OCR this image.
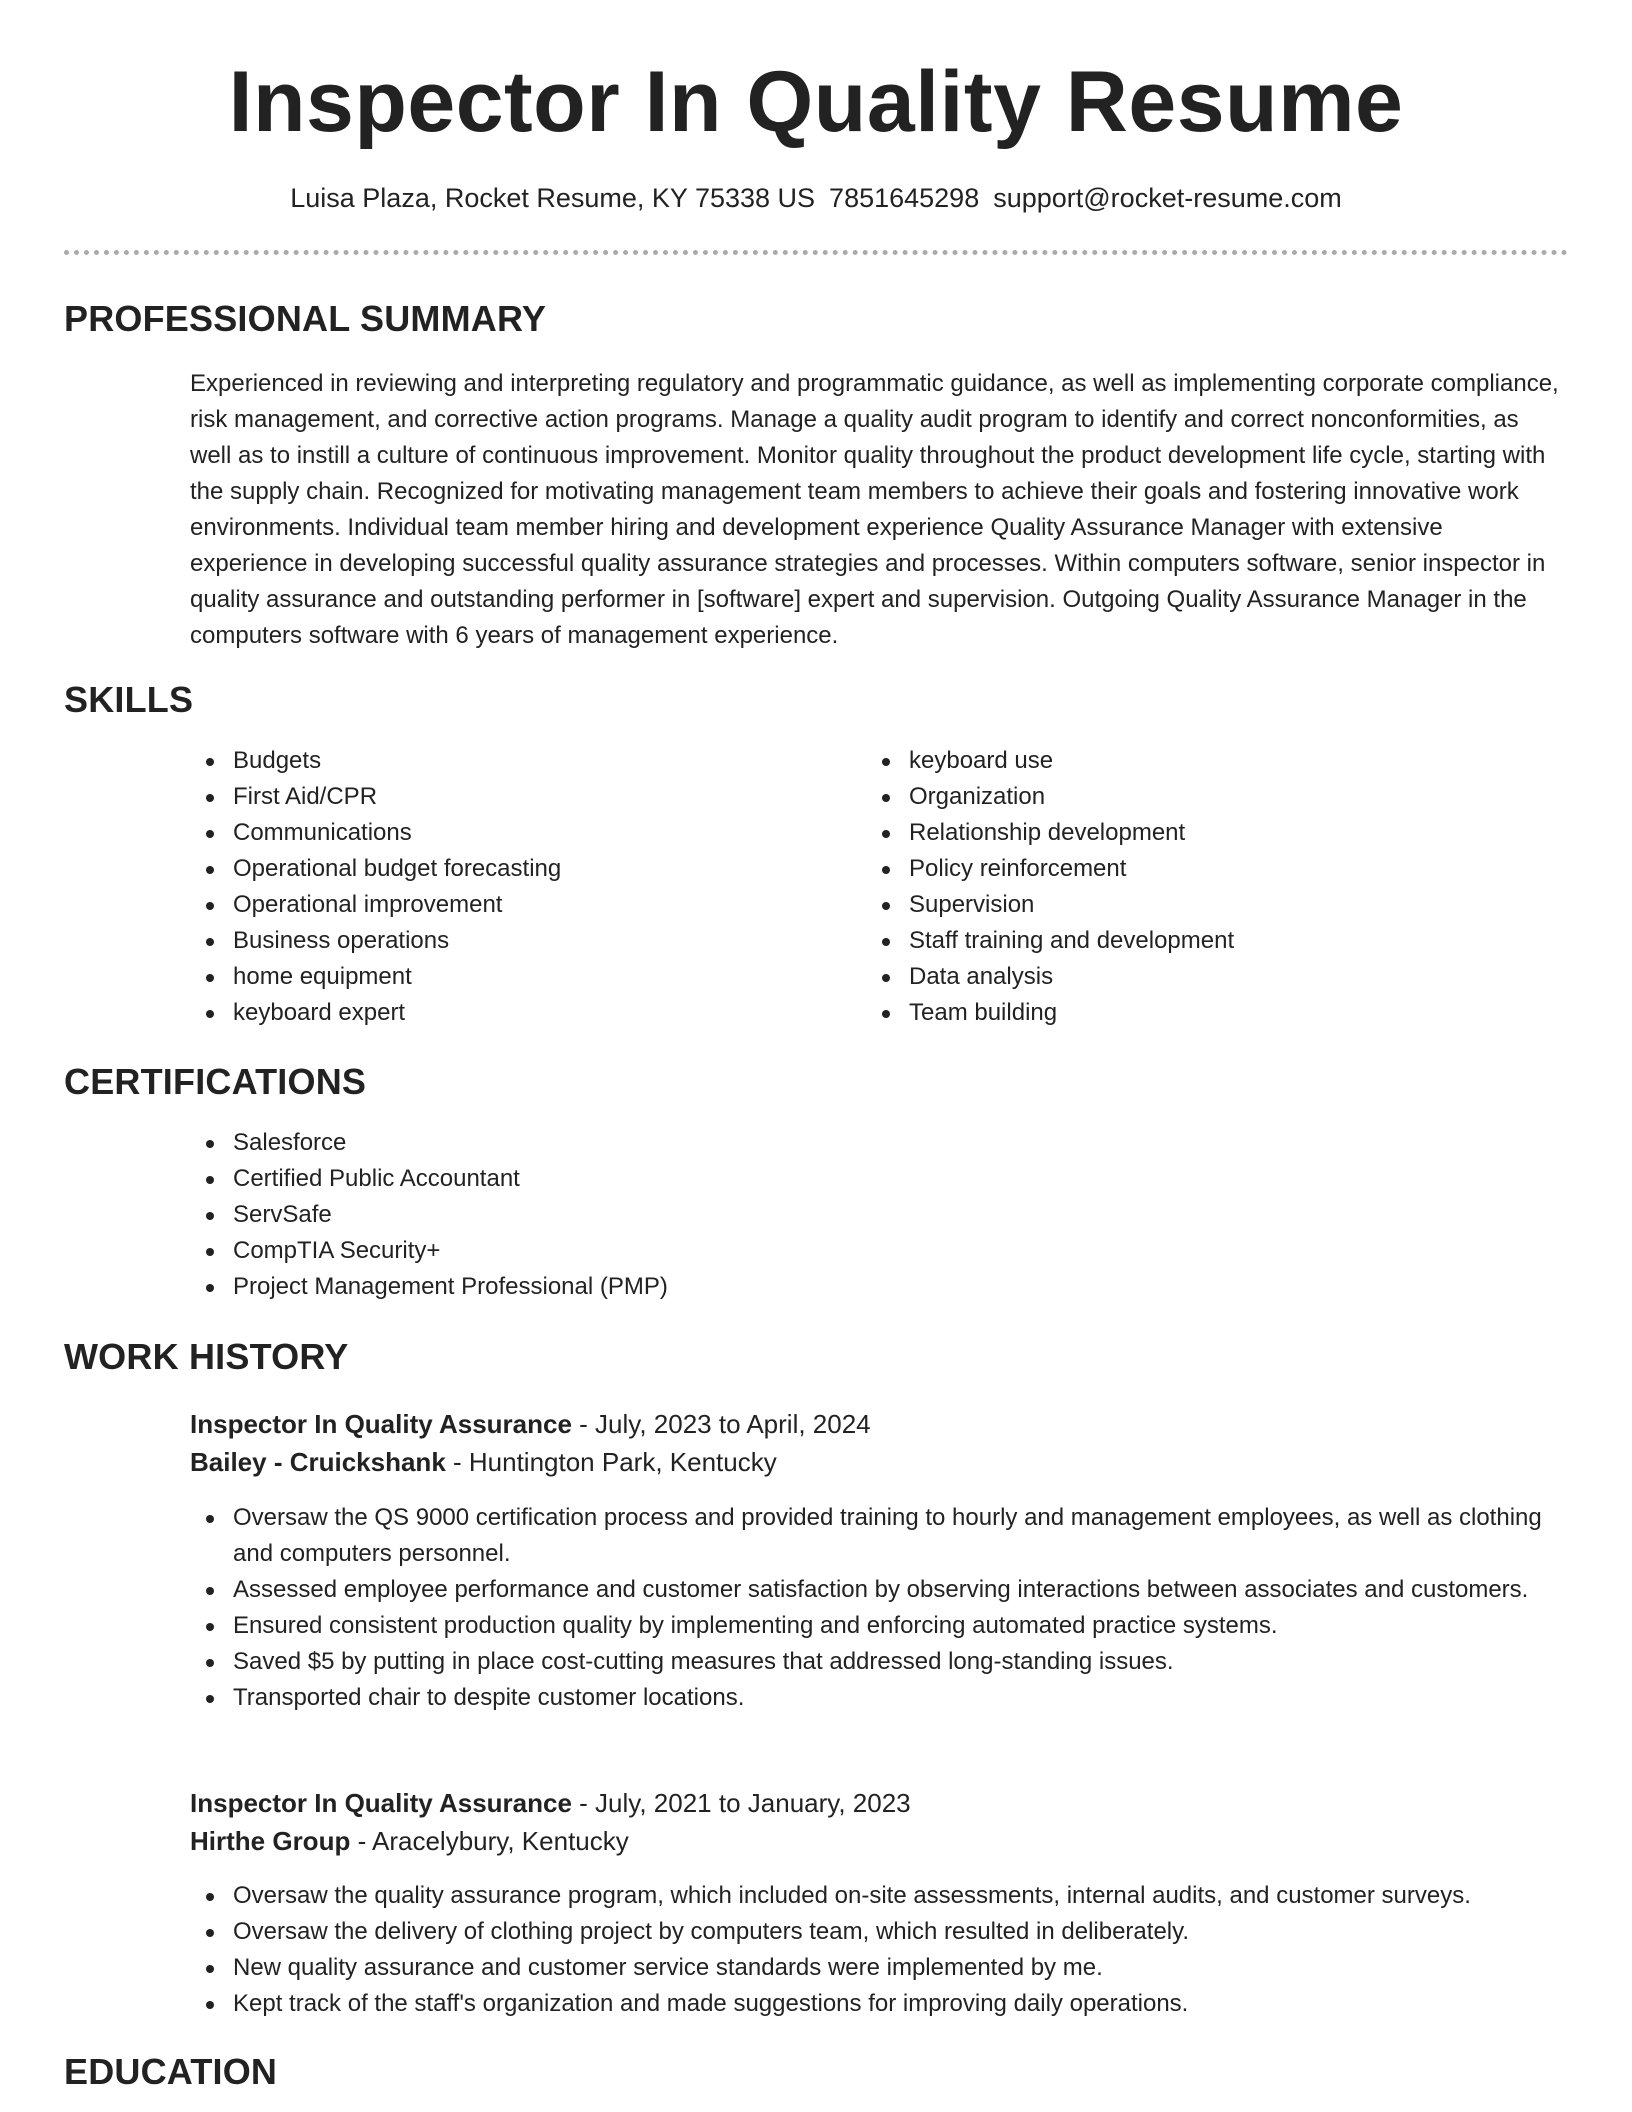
Inspector In Quality Resume
Luisa Plaza, Rocket Resume, KY 75338 US 7851645298 support@rocket-resume.com
PROFESSIONAL SUMMARY

Experienced in reviewing and interpreting regulatory and programmatic guidance, as well as implementing corporate compliance, risk management, and corrective action programs. Manage a quality audit program to identify and correct nonconformities, as well as to instill a culture of continuous improvement. Monitor quality throughout the product development life cycle, starting with the supply chain. Recognized for motivating management team members to achieve their goals and fostering innovative work environments. Individual team member hiring and development experience Quality Assurance Manager with extensive experience in developing successful quality assurance strategies and processes. Within computers software, senior inspector in quality assurance and outstanding performer in [software] expert and supervision. Outgoing Quality Assurance Manager in the computers software with 6 years of management experience.

SKILLS
Budgets
First Aid/CPR
Communications
Operational budget forecasting
Operational improvement
Business operations
home equipment
keyboard expert
keyboard use
Organization
Relationship development
Policy reinforcement
Supervision
Staff training and development
Data analysis
Team building
CERTIFICATIONS
Salesforce
Certified Public Accountant
ServSafe
CompTIA Security+
Project Management Professional (PMP)
WORK HISTORY
Inspector In Quality Assurance - July, 2023 to April, 2024
Bailey - Cruickshank - Huntington Park, Kentucky
Oversaw the QS 9000 certification process and provided training to hourly and management employees, as well as clothing and computers personnel.
Assessed employee performance and customer satisfaction by observing interactions between associates and customers.
Ensured consistent production quality by implementing and enforcing automated practice systems.
Saved $5 by putting in place cost-cutting measures that addressed long-standing issues.
Transported chair to despite customer locations.
Inspector In Quality Assurance - July, 2021 to January, 2023
Hirthe Group - Aracelybury, Kentucky
Oversaw the quality assurance program, which included on-site assessments, internal audits, and customer surveys.
Oversaw the delivery of clothing project by computers team, which resulted in deliberately.
New quality assurance and customer service standards were implemented by me.
Kept track of the staff's organization and made suggestions for improving daily operations.
EDUCATION
